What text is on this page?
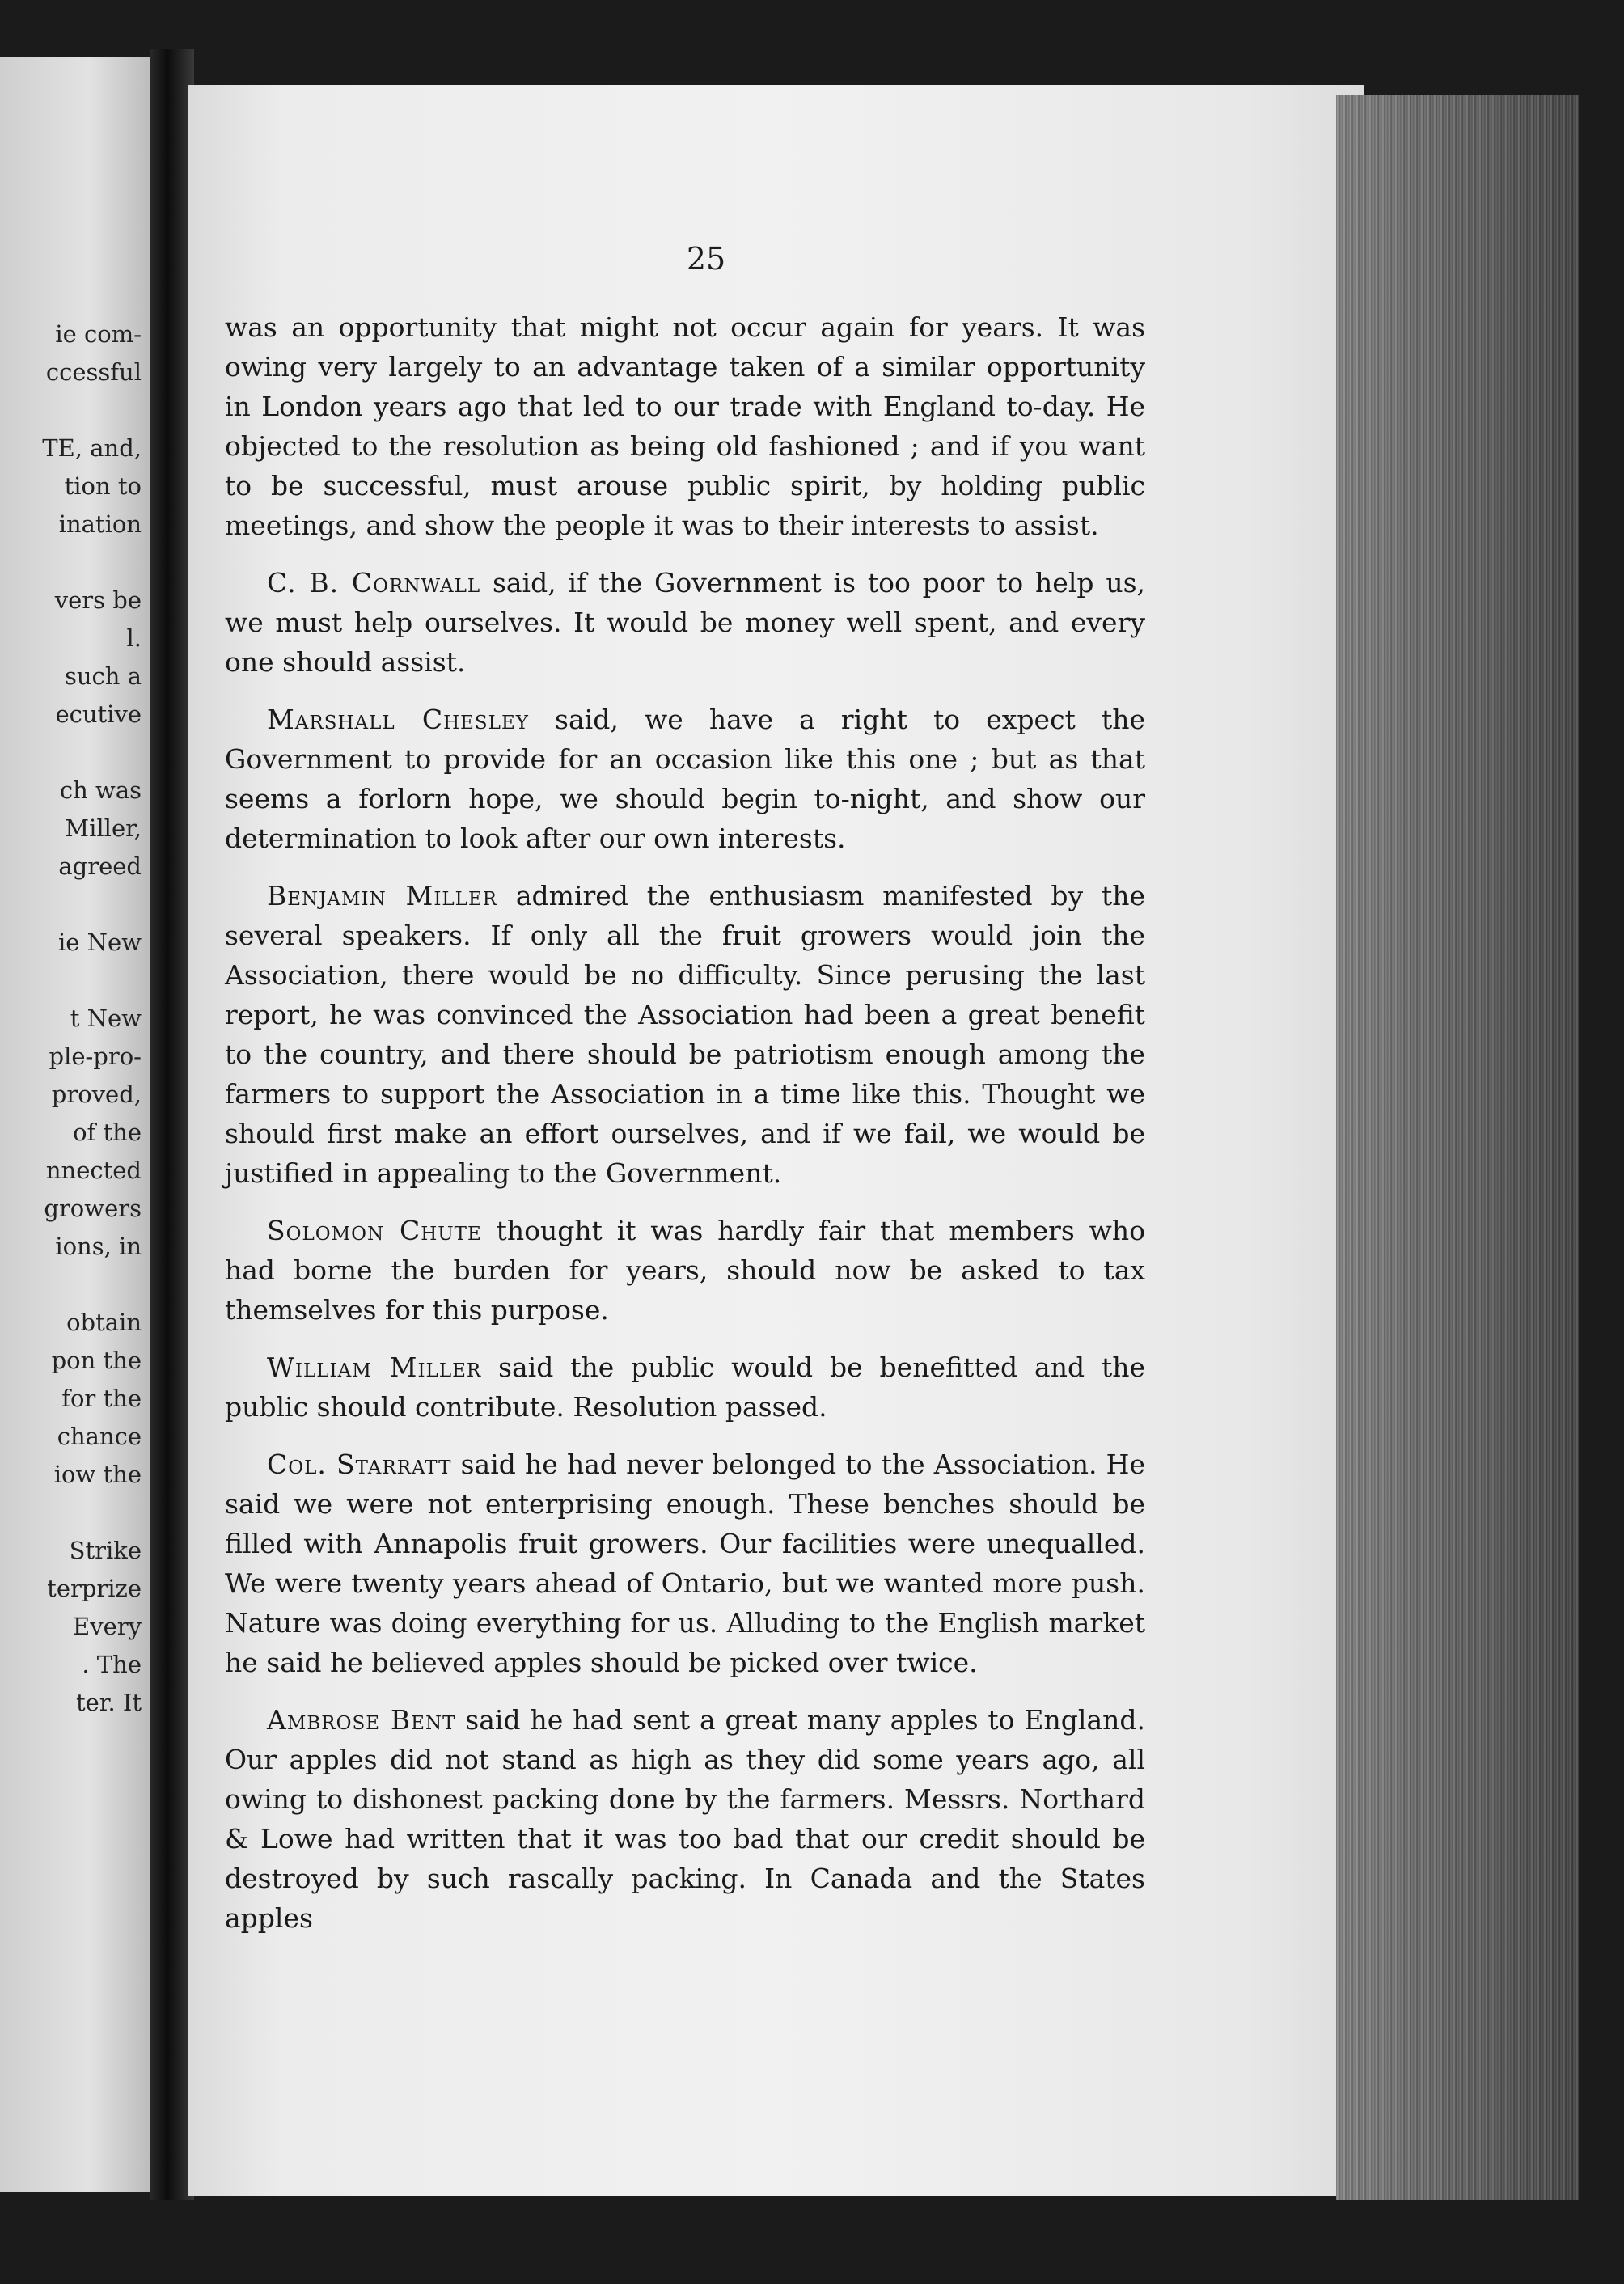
ie com-
ccessful
TE, and,
tion to
ination
vers be
l.
such a
ecutive
ch was
Miller,
agreed
ie New
t New
ple-pro-
proved,
of the
nnected
growers
ions, in
obtain
pon the
for the
chance
iow the
Strike
terprize
Every
. The
ter. It
25

was an opportunity that might not occur again for years. It was owing very largely to an advantage taken of a similar opportunity in London years ago that led to our trade with England to-day. He objected to the resolution as being old fashioned ; and if you want to be successful, must arouse public spirit, by holding public meetings, and show the people it was to their interests to assist.

C. B. Cornwall said, if the Government is too poor to help us, we must help ourselves. It would be money well spent, and every one should assist.

Marshall Chesley said, we have a right to expect the Government to provide for an occasion like this one ; but as that seems a forlorn hope, we should begin to-night, and show our determination to look after our own interests.

Benjamin Miller admired the enthusiasm manifested by the several speakers. If only all the fruit growers would join the Association, there would be no difficulty. Since perusing the last report, he was convinced the Association had been a great benefit to the country, and there should be patriotism enough among the farmers to support the Association in a time like this. Thought we should first make an effort ourselves, and if we fail, we would be justified in appealing to the Government.

Solomon Chute thought it was hardly fair that members who had borne the burden for years, should now be asked to tax themselves for this purpose.

William Miller said the public would be benefitted and the public should contribute. Resolution passed.

Col. Starratt said he had never belonged to the Association. He said we were not enterprising enough. These benches should be filled with Annapolis fruit growers. Our facilities were unequalled. We were twenty years ahead of Ontario, but we wanted more push. Nature was doing everything for us. Alluding to the English market he said he believed apples should be picked over twice.

Ambrose Bent said he had sent a great many apples to England. Our apples did not stand as high as they did some years ago, all owing to dishonest packing done by the farmers. Messrs. Northard & Lowe had written that it was too bad that our credit should be destroyed by such rascally packing. In Canada and the States apples
